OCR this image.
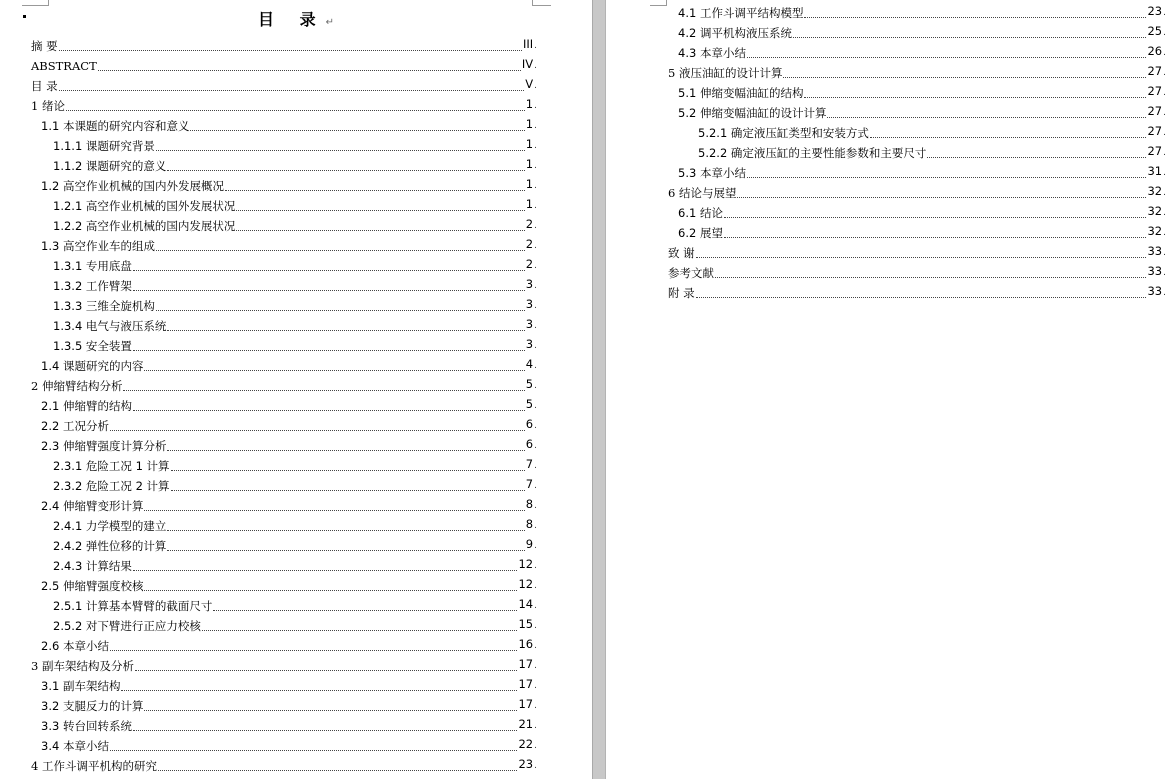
目 录↵
摘 要	III .
ABSTRACT	IV .
目 录	V .
1 绪论	1 .
1.1 本课题的研究内容和意义	1 .
1.1.1 课题研究背景	1 .
1.1.2 课题研究的意义	1 .
1.2 高空作业机械的国内外发展概况	1 .
1.2.1 高空作业机械的国外发展状况	1 .
1.2.2 高空作业机械的国内发展状况	2 .
1.3 高空作业车的组成	2 .
1.3.1 专用底盘	2 .
1.3.2 工作臂架	3 .
1.3.3 三维全旋机构	3 .
1.3.4 电气与液压系统	3 .
1.3.5 安全装置	3 .
1.4 课题研究的内容	4 .
2 伸缩臂结构分析	5 .
2.1 伸缩臂的结构	5 .
2.2 工况分析	6 .
2.3 伸缩臂强度计算分析	6 .
2.3.1 危险工况 1 计算	7 .
2.3.2 危险工况 2 计算	7 .
2.4 伸缩臂变形计算	8 .
2.4.1 力学模型的建立	8 .
2.4.2 弹性位移的计算	9 .
2.4.3 计算结果	12 .
2.5 伸缩臂强度校核	12 .
2.5.1 计算基本臂臂的截面尺寸	14 .
2.5.2 对下臂进行正应力校核	15 .
2.6 本章小结	16 .
3 副车架结构及分析	17 .
3.1 副车架结构	17 .
3.2 支腿反力的计算	17 .
3.3 转台回转系统	21 .
3.4 本章小结	22 .
4 工作斗调平机构的研究	23 .
4.1 工作斗调平结构模型	23 .
4.2 调平机构液压系统	25 .
4.3 本章小结	26 .
5 液压油缸的设计计算	27 .
5.1 伸缩变幅油缸的结构	27 .
5.2 伸缩变幅油缸的设计计算	27 .
5.2.1 确定液压缸类型和安装方式	27 .
5.2.2 确定液压缸的主要性能参数和主要尺寸	27 .
5.3 本章小结	31 .
6 结论与展望	32 .
6.1 结论	32 .
6.2 展望	32 .
致 谢	33 .
参考文献	33 .
附 录	33 .
